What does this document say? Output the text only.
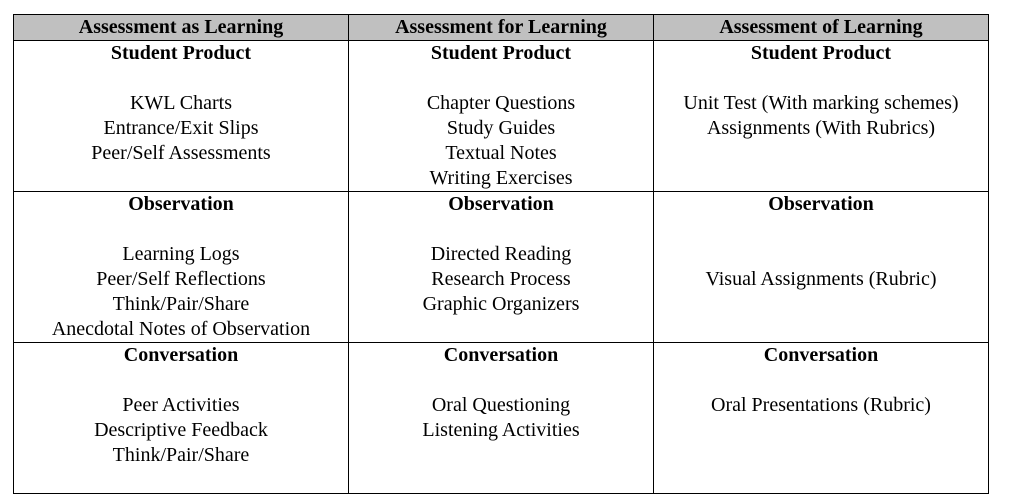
Assessment as Learning	Assessment for Learning	Assessment of Learning

Student Product
KWL Charts
Entrance/Exit Slips
Peer/Self Assessments	Student Product
Chapter Questions
Study Guides
Textual Notes
Writing Exercises	Student Product
Unit Test (With marking schemes)
Assignments (With Rubrics)

Observation
Learning Logs
Peer/Self Reflections
Think/Pair/Share
Anecdotal Notes of Observation	Observation
Directed Reading
Research Process
Graphic Organizers	Observation
Visual Assignments (Rubric)

Conversation
Peer Activities
Descriptive Feedback
Think/Pair/Share	Conversation
Oral Questioning
Listening Activities	Conversation
Oral Presentations (Rubric)
